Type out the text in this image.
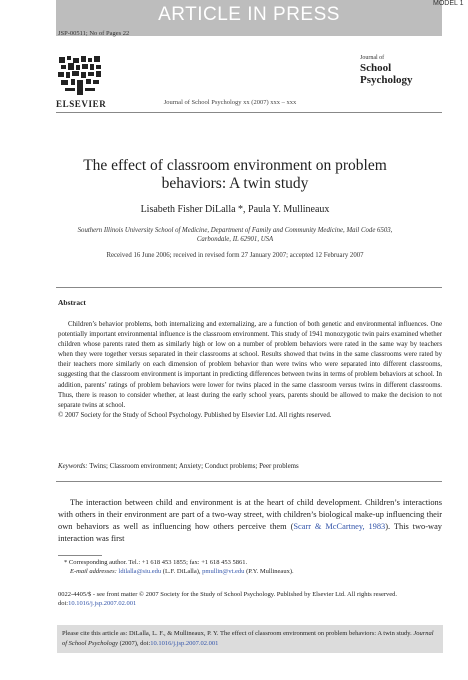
ARTICLE IN PRESS
MODEL 1
JSP-00511; No of Pages 22
ELSEVIER	Journal of School Psychology xx (2007) xxx – xxx
Journal of
School
Psychology
The effect of classroom environment on problem behaviors: A twin study
Lisabeth Fisher DiLalla *, Paula Y. Mullineaux
Southern Illinois University School of Medicine, Department of Family and Community Medicine, Mail Code 6503, Carbondale, IL 62901, USA
Received 16 June 2006; received in revised form 27 January 2007; accepted 12 February 2007
Abstract

Children’s behavior problems, both internalizing and externalizing, are a function of both genetic and environmental influences. One potentially important environmental influence is the classroom environment. This study of 1941 monozygotic twin pairs examined whether children whose parents rated them as similarly high or low on a number of problem behaviors were rated in the same way by teachers when they were together versus separated in their classrooms at school. Results showed that twins in the same classrooms were rated by their teachers more similarly on each dimension of problem behavior than were twins who were separated into different classrooms, suggesting that the classroom environment is important in predicting differences between twins in terms of problem behaviors at school. In addition, parents’ ratings of problem behaviors were lower for twins placed in the same classroom versus twins in different classrooms. Thus, there is reason to consider whether, at least during the early school years, parents should be allowed to make the decision to not separate twins at school.

© 2007 Society for the Study of School Psychology. Published by Elsevier Ltd. All rights reserved.

Keywords: Twins; Classroom environment; Anxiety; Conduct problems; Peer problems

The interaction between child and environment is at the heart of child development. Children’s interactions with others in their environment are part of a two-way street, with children’s biological make-up influencing their own behaviors as well as influencing how others perceive them (Scarr & McCartney, 1983). This two-way interaction was first

* Corresponding author. Tel.: +1 618 453 1855; fax: +1 618 453 5861.
E-mail addresses: ldilalla@siu.edu (L.F. DiLalla), pmullin@vt.edu (P.Y. Mullineaux).
0022-4405/$ - see front matter © 2007 Society for the Study of School Psychology. Published by Elsevier Ltd. All rights reserved.
doi:10.1016/j.jsp.2007.02.001
Please cite this article as: DiLalla, L. F., & Mullineaux, P. Y. The effect of classroom environment on problem behaviors: A twin study. Journal of School Psychology (2007), doi:10.1016/j.jsp.2007.02.001
